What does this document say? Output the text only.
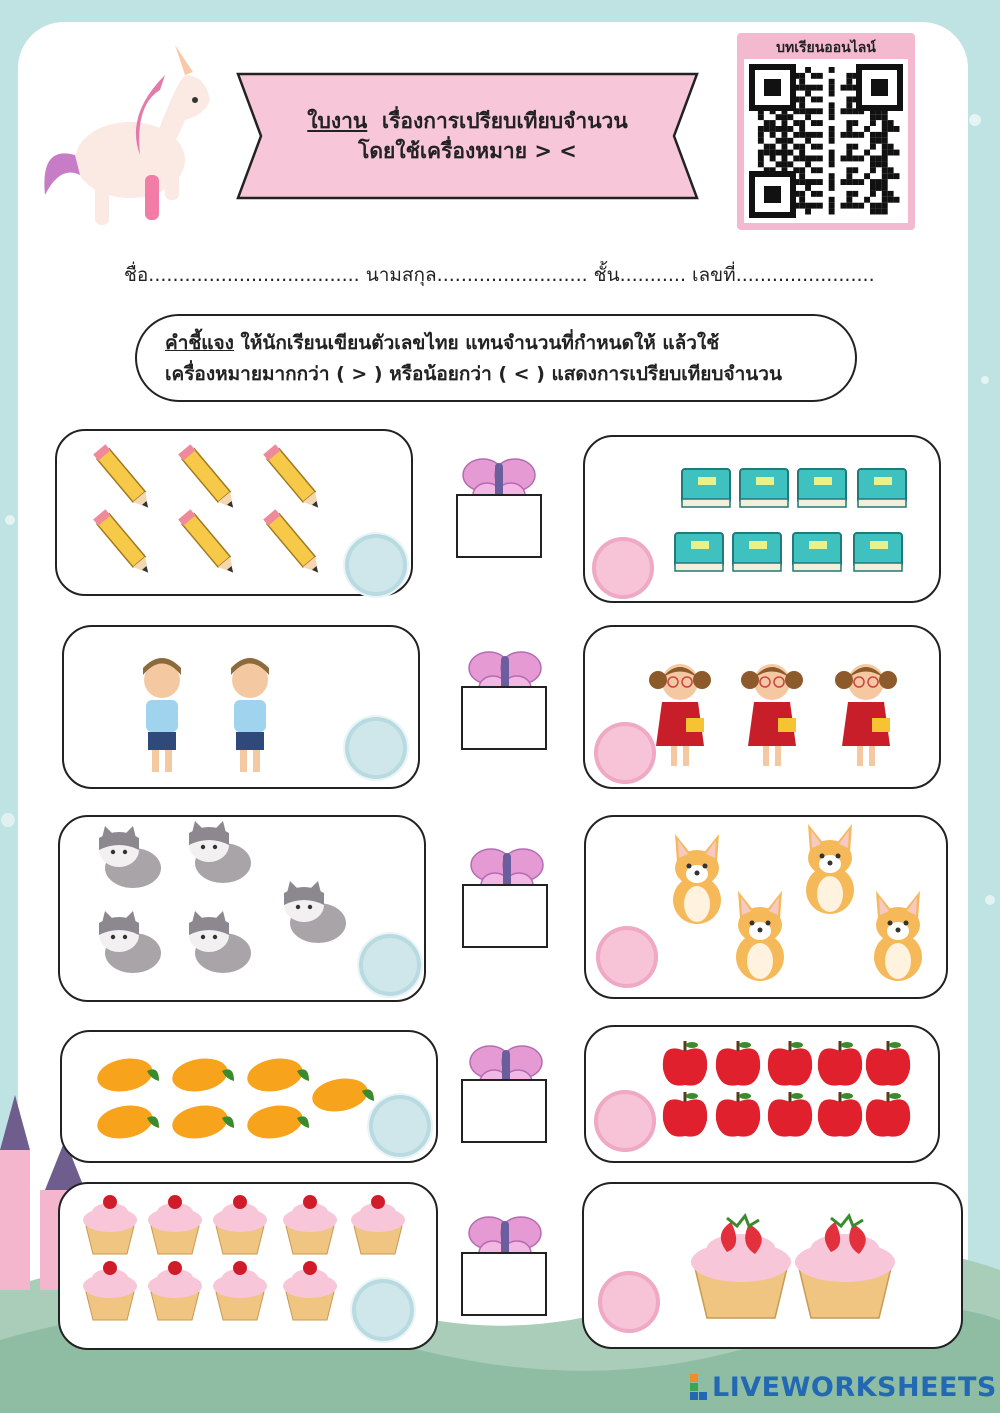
ใบงาน เรื่องการเปรียบเทียบจำนวน
โดยใช้เครื่องหมาย > <
บทเรียนออนไลน์
ชื่อ................................... นามสกุล......................... ชั้น........... เลขที่.......................
คำชี้แจง ให้นักเรียนเขียนตัวเลขไทย แทนจำนวนที่กำหนดให้ แล้วใช้
เครื่องหมายมากกว่า ( > ) หรือน้อยกว่า ( < ) แสดงการเปรียบเทียบจำนวน
LIVEWORKSHEETS
